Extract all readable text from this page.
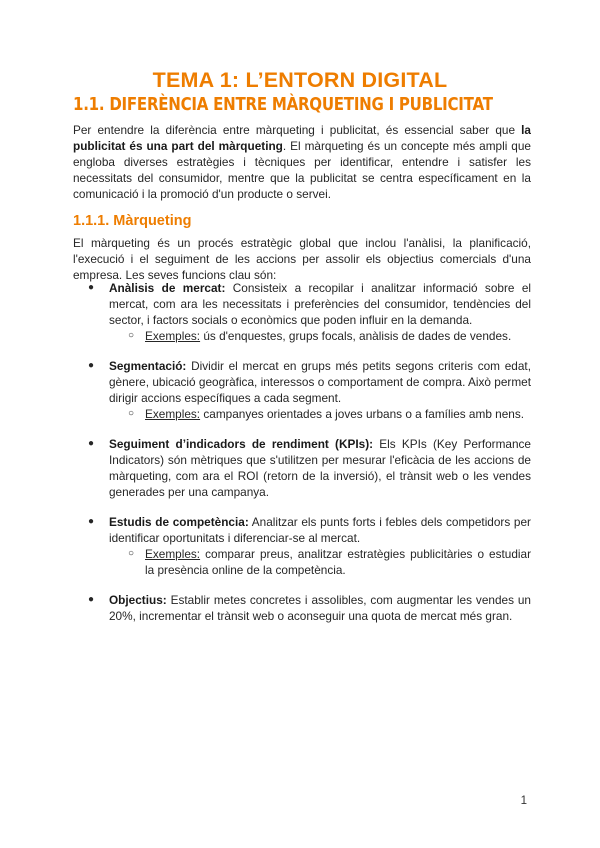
TEMA 1: L’ENTORN DIGITAL
1.1. DIFERÈNCIA ENTRE MÀRQUETING I PUBLICITAT

Per entendre la diferència entre màrqueting i publicitat, és essencial saber que la publicitat és una part del màrqueting. El màrqueting és un concepte més ampli que engloba diverses estratègies i tècniques per identificar, entendre i satisfer les necessitats del consumidor, mentre que la publicitat se centra específicament en la comunicació i la promoció d'un producte o servei.

1.1.1. Màrqueting

El màrqueting és un procés estratègic global que inclou l'anàlisi, la planificació, l'execució i el seguiment de les accions per assolir els objectius comercials d'una empresa. Les seves funcions clau són:

● Anàlisis de mercat: Consisteix a recopilar i analitzar informació sobre el mercat, com ara les necessitats i preferències del consumidor, tendències del sector, i factors socials o econòmics que poden influir en la demanda.
○ Exemples: ús d'enquestes, grups focals, anàlisis de dades de vendes.
● Segmentació: Dividir el mercat en grups més petits segons criteris com edat, gènere, ubicació geogràfica, interessos o comportament de compra. Això permet dirigir accions específiques a cada segment.
○ Exemples: campanyes orientades a joves urbans o a famílies amb nens.
● Seguiment d’indicadors de rendiment (KPIs): Els KPIs (Key Performance Indicators) són mètriques que s'utilitzen per mesurar l'eficàcia de les accions de màrqueting, com ara el ROI (retorn de la inversió), el trànsit web o les vendes generades per una campanya.
● Estudis de competència: Analitzar els punts forts i febles dels competidors per identificar oportunitats i diferenciar-se al mercat.
○ Exemples: comparar preus, analitzar estratègies publicitàries o estudiar la presència online de la competència.
● Objectius: Establir metes concretes i assolibles, com augmentar les vendes un 20%, incrementar el trànsit web o aconseguir una quota de mercat més gran.
1
